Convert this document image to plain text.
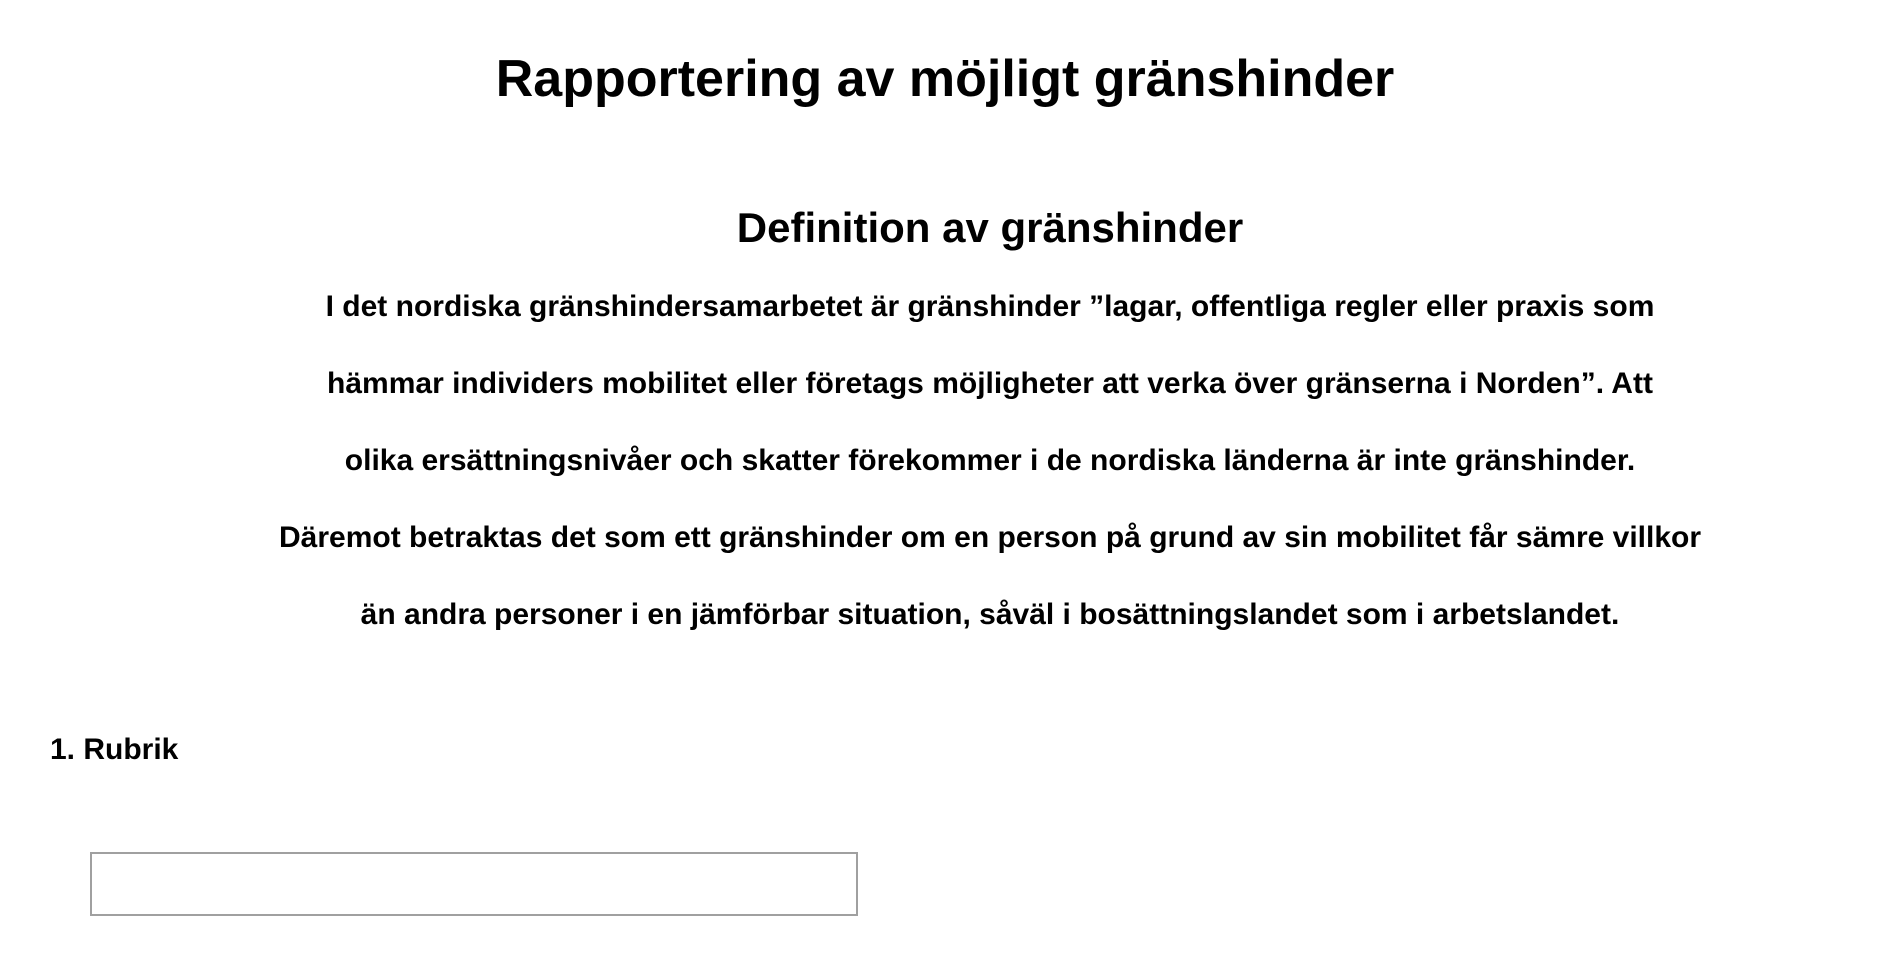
Rapportering av möjligt gränshinder
Definition av gränshinder

I det nordiska gränshindersamarbetet är gränshinder ”lagar, offentliga regler eller praxis som
hämmar individers mobilitet eller företags möjligheter att verka över gränserna i Norden”. Att
olika ersättningsnivåer och skatter förekommer i de nordiska länderna är inte gränshinder.
Däremot betraktas det som ett gränshinder om en person på grund av sin mobilitet får sämre villkor
än andra personer i en jämförbar situation, såväl i bosättningslandet som i arbetslandet.

1. Rubrik
